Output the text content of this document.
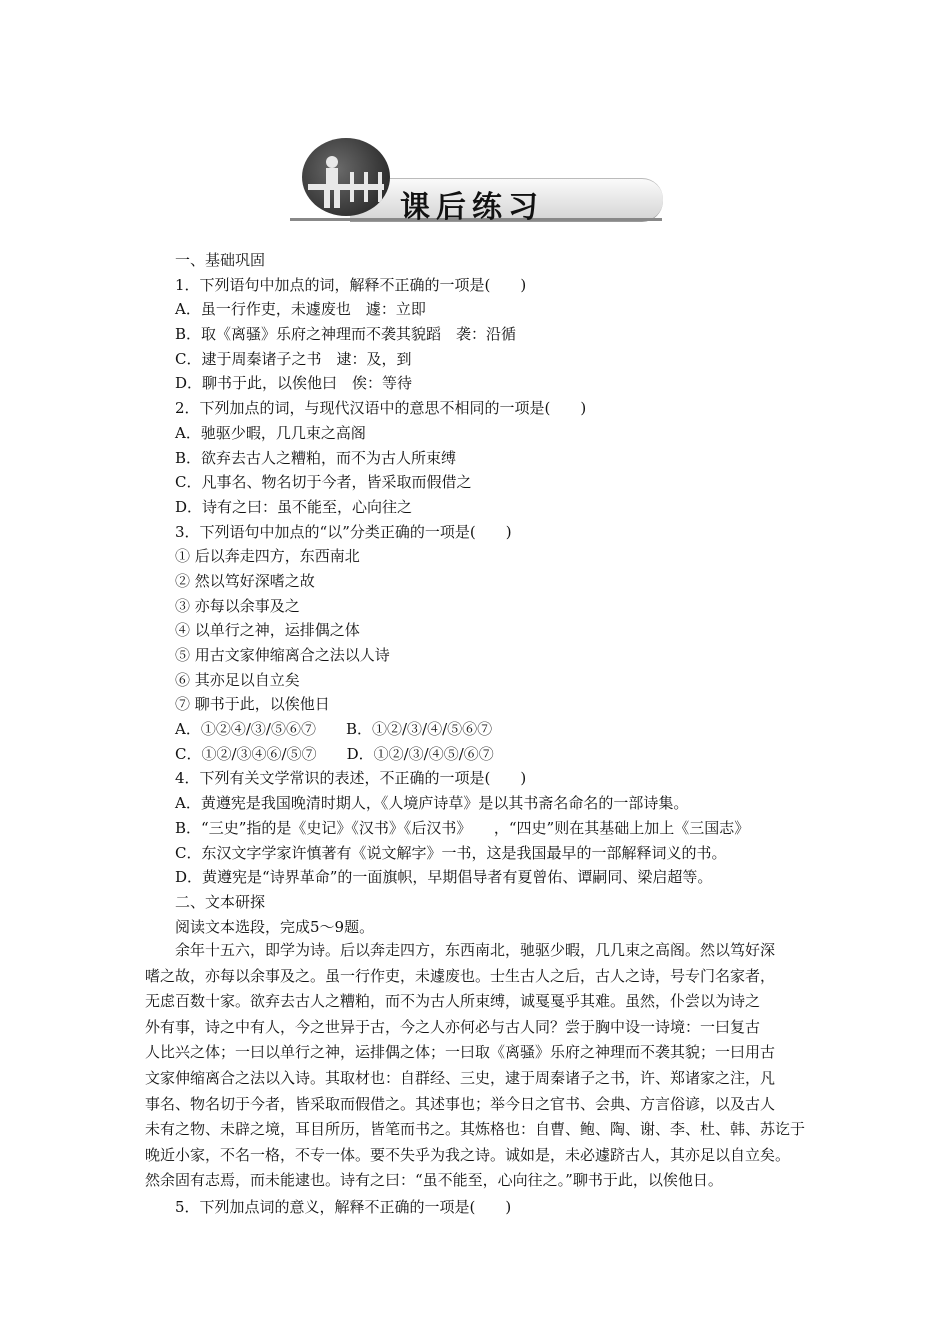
课后练习
一、基础巩固
1．下列语句中加点的词，解释不正确的一项是(　　)
A．虽一行作吏，未遽废也　遽：立即
B．取《离骚》乐府之神理而不袭其貌蹈　袭：沿循
C．逮于周秦诸子之书　逮：及，到
D．聊书于此，以俟他曰　俟：等待
2．下列加点的词，与现代汉语中的意思不相同的一项是(　　)
A．驰驱少暇，几几束之高阁
B．欲弃去古人之糟粕，而不为古人所束缚
C．凡事名、物名切于今者，皆采取而假借之
D．诗有之曰：虽不能至，心向往之
3．下列语句中加点的“以”分类正确的一项是(　　)
① 后以奔走四方，东西南北
② 然以笃好深嗜之故
③ 亦每以余事及之
④ 以单行之神，运排偶之体
⑤ 用古文家伸缩离合之法以人诗
⑥ 其亦足以自立矣
⑦ 聊书于此，以俟他日
A．①②④/③/⑤⑥⑦　　B．①②/③/④/⑤⑥⑦
C．①②/③④⑥/⑤⑦　　D．①②/③/④⑤/⑥⑦
4．下列有关文学常识的表述，不正确的一项是(　　)
A．黄遵宪是我国晚清时期人，《人境庐诗草》是以其书斋名命名的一部诗集。
B．“三史”指的是《史记》《汉书》《后汉书》　　，“四史”则在其基础上加上《三国志》
C．东汉文字学家许慎著有《说文解字》一书，这是我国最早的一部解释词义的书。
D．黄遵宪是“诗界革命”的一面旗帜，早期倡导者有夏曾佑、谭嗣同、梁启超等。
二、文本研探
阅读文本选段，完成5～9题。
余年十五六，即学为诗。后以奔走四方，东西南北，驰驱少暇，几几束之高阁。然以笃好深
嗜之故，亦每以余事及之。虽一行作吏，未遽废也。士生古人之后，古人之诗，号专门名家者，
无虑百数十家。欲弃去古人之糟粕，而不为古人所束缚，诚戛戛乎其难。虽然，仆尝以为诗之
外有事，诗之中有人，今之世异于古，今之人亦何必与古人同？尝于胸中设一诗境：一曰复古
人比兴之体；一曰以单行之神，运排偶之体；一曰取《离骚》乐府之神理而不袭其貌；一曰用古
文家伸缩离合之法以入诗。其取材也：自群经、三史，逮于周秦诸子之书，许、郑诸家之注，凡
事名、物名切于今者，皆采取而假借之。其述事也；举今日之官书、会典、方言俗谚，以及古人
未有之物、未辟之境，耳目所历，皆笔而书之。其炼格也：自曹、鲍、陶、谢、李、杜、韩、苏讫于
晚近小家，不名一格，不专一体。要不失乎为我之诗。诚如是，未必遽跻古人，其亦足以自立矣。
然余固有志焉，而未能逮也。诗有之曰：“虽不能至，心向往之。”聊书于此，以俟他日。
5．下列加点词的意义，解释不正确的一项是(　　)
